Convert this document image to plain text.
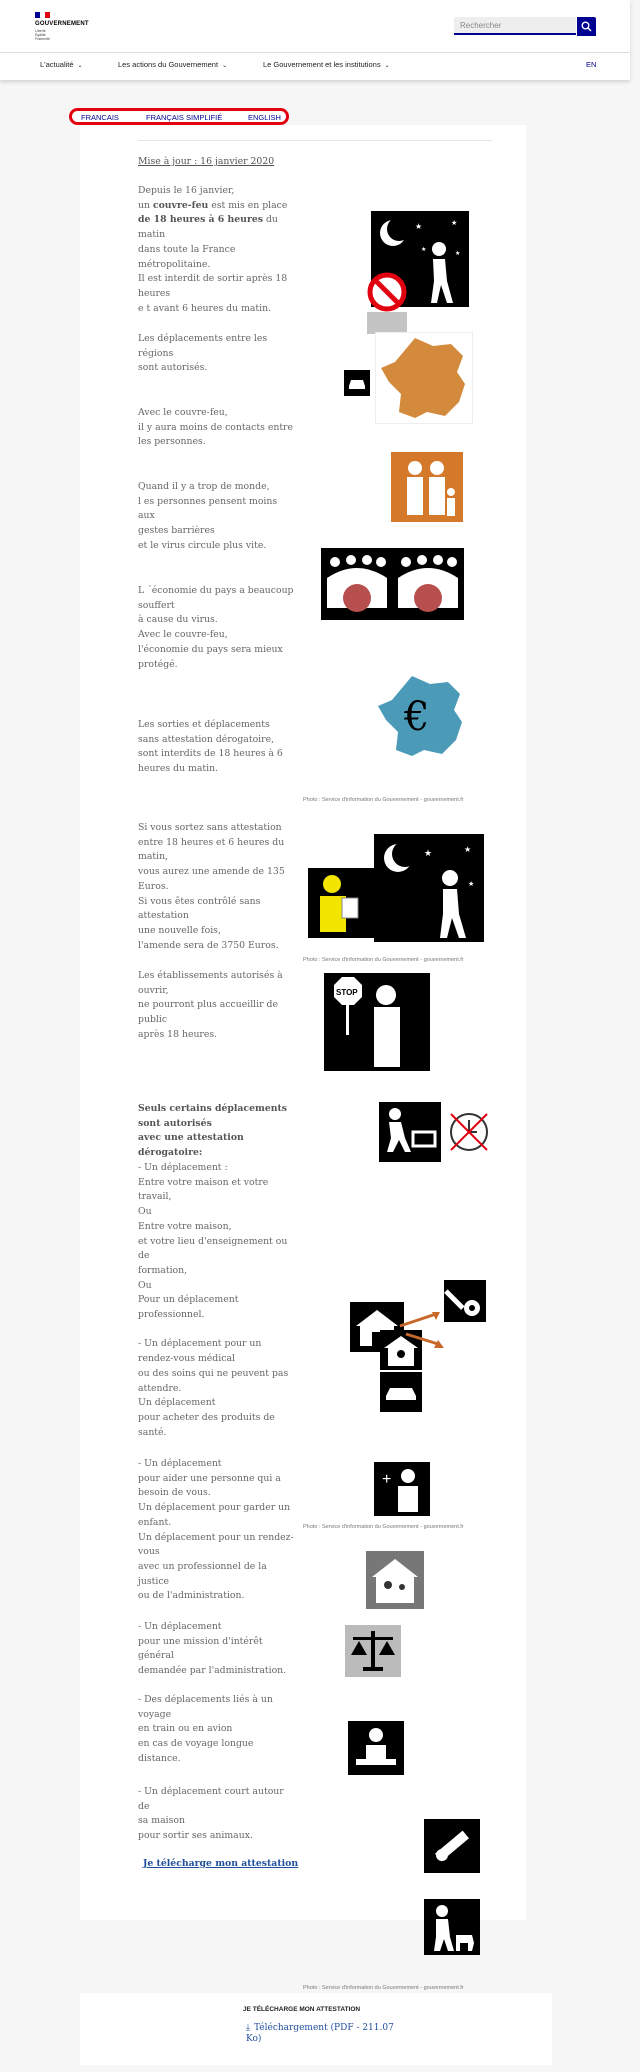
GOUVERNEMENT
Liberté Égalité Fraternité
Rechercher
L'actualité ⌄	Les actions du Gouvernement ⌄	Le Gouvernement et les institutions ⌄	EN
FRANCAIS	FRANÇAIS SIMPLIFIÉ	ENGLISH
Mise à jour : 16 janvier 2020
Depuis le 16 janvier,
un couvre-feu est mis en place
de 18 heures à 6 heures du matin
dans toute la France
métropolitaine.
Il est interdit de sortir après 18 heures
e t avant 6 heures du matin.
Les déplacements entre les régions
sont autorisés.
Avec le couvre-feu,
il y aura moins de contacts entre
les personnes.
Quand il y a trop de monde,
l es personnes pensent moins aux
gestes barrières
et le virus circule plus vite.
L ´économie du pays a beaucoup souffert
à cause du virus.
Avec le couvre-feu,
l'économie du pays sera mieux
protégé.
Les sorties et déplacements
sans attestation dérogatoire,
sont interdits de 18 heures à 6
heures du matin.
Si vous sortez sans attestation
entre 18 heures et 6 heures du matin,
vous aurez une amende de 135
Euros.
Si vous êtes contrôlé sans
attestation
une nouvelle fois,
l'amende sera de 3750 Euros.
Les établissements autorisés à ouvrir,
ne pourront plus accueillir de public
après 18 heures.
Seuls certains déplacements
sont autorisés
avec une attestation
dérogatoire:
- Un déplacement :
Entre votre maison et votre travail,
Ou
Entre votre maison,
et votre lieu d'enseignement ou de
formation,
Ou
Pour un déplacement
professionnel.

- Un déplacement pour un
rendez-vous médical
ou des soins qui ne peuvent pas
attendre.
Un déplacement
pour acheter des produits de
santé.
- Un déplacement
pour aider une personne qui a
besoin de vous.
Un déplacement pour garder un
enfant.
Un déplacement pour un rendez-
vous
avec un professionnel de la justice
ou de l'administration.
- Un déplacement
pour une mission d'intérêt
général
demandée par l'administration.
- Des déplacements liés à un
voyage
en train ou en avion
en cas de voyage longue distance.
- Un déplacement court autour de
sa maison
pour sortir ses animaux.
Je télécharge mon attestation
Photo : Service d'information du Gouvernement - gouvernement.fr
Photo : Service d'information du Gouvernement - gouvernement.fr
Photo : Service d'information du Gouvernement - gouvernement.fr
Photo : Service d'information du Gouvernement - gouvernement.fr
★	★
★
★
€
★	★
★
STOP
+
JE TÉLÉCHARGE MON ATTESTATION
⤓ Téléchargement (PDF - 211.07 Ko)
